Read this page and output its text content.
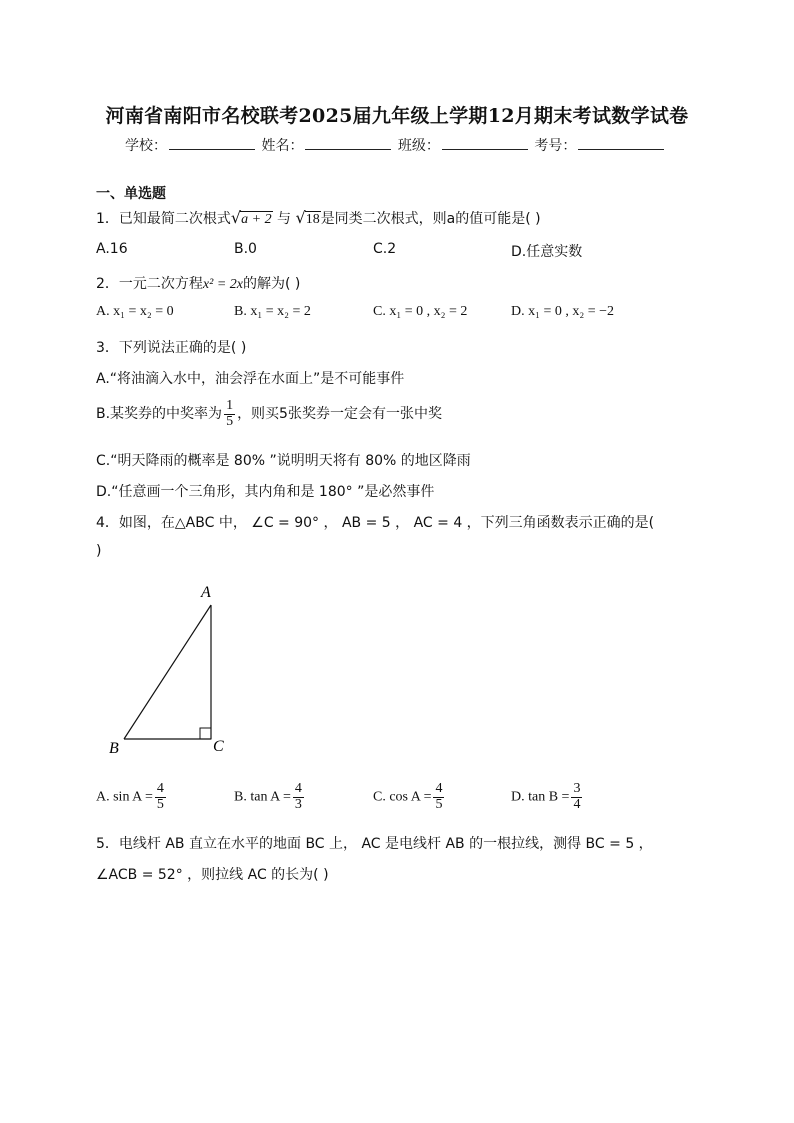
河南省南阳市名校联考2025届九年级上学期12月期末考试数学试卷
学校：	姓名：	班级：	考号：
一、单选题
1．已知最简二次根式√a + 2 与 √18是同类二次根式，则a的值可能是( )
A.16	B.0	C.2	D.任意实数
2．一元二次方程x² = 2x的解为( )
A. x₁ = x₂ = 0	B. x₁ = x₂ = 2	C. x₁ = 0 , x₂ = 2	D. x₁ = 0 , x₂ = −2
3．下列说法正确的是( )
A.“将油滴入水中，油会浮在水面上”是不可能事件
B.某奖券的中奖率为 $\frac{1}{5}$ ，则买5张奖券一定会有一张中奖
C.“明天降雨的概率是 80% ”说明明天将有 80% 的地区降雨
D.“任意画一个三角形，其内角和是 180° ”是必然事件
4．如图，在△ABC 中， ∠C = 90° ， AB = 5 ， AC = 4 ，下列三角函数表示正确的是(
)
A
B	C
A. $\sin A = \frac{4}{5}$	B. $\tan A = \frac{4}{3}$	C. $\cos A = \frac{4}{5}$	D. $\tan B = \frac{3}{4}$
5．电线杆 AB 直立在水平的地面 BC 上， AC 是电线杆 AB 的一根拉线，测得 BC = 5 ，
∠ACB = 52° ，则拉线 AC 的长为( )
